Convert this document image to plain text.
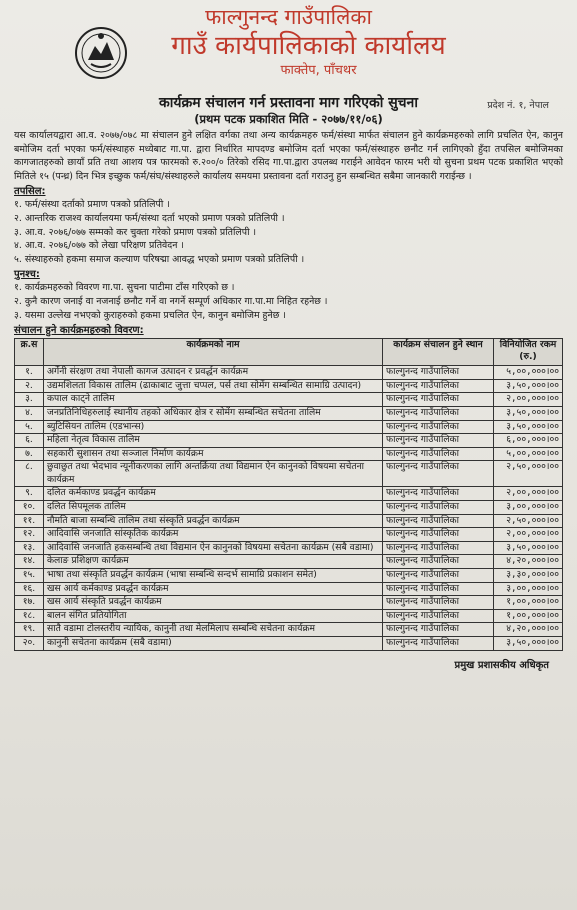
फाल्गुनन्द गाउँपालिका
गाउँ कार्यपालिकाको कार्यालय
फाक्तेप, पाँचथर
प्रदेश नं. १, नेपाल
कार्यक्रम संचालन गर्न प्रस्तावना माग गरिएको सुचना
(प्रथम पटक प्रकाशित मिति - २०७७/११/०६)
यस कार्यालयद्वारा आ.व. २०७७/०७८ मा संचालन हुने लक्षित वर्गका तथा अन्य कार्यक्रमहरु फर्म/संस्था मार्फत संचालन हुने कार्यक्रमहरुको लागि प्रचलित ऐन, कानुन बमोजिम दर्ता भएका फर्म/संस्थाहरु मध्येबाट गा.पा. द्वारा निर्धारित मापदण्ड बमोजिम दर्ता भएका फर्म/संस्थाहरु छनौट गर्न लागिएको हुँदा तपसिल बमोजिमका कागजातहरुको छायाँ प्रति तथा आशय पत्र फारमको रु.२००/० तिरेको रसिद गा.पा.द्वारा उपलब्ध गराईने आवेदन फारम भरी यो सुचना प्रथम पटक प्रकाशित भएको मितिले १५ (पन्ध्र) दिन भित्र इच्छुक फर्म/संघ/संस्थाहरुले कार्यालय समयमा प्रस्तावना दर्ता गराउनु हुन सम्बन्धित सबैमा जानकारी गराईन्छ ।
तपसिल:
१. फर्म/संस्था दर्ताको प्रमाण पत्रको प्रतिलिपी ।
२. आन्तरिक राजश्व कार्यालयमा फर्म/संस्था दर्ता भएको प्रमाण पत्रको प्रतिलिपी ।
३. आ.व. २०७६/०७७ सम्मको कर चुक्ता गरेको प्रमाण पत्रको प्रतिलिपी ।
४. आ.व. २०७६/०७७ को लेखा परिक्षण प्रतिवेदन ।
५. संस्थाहरुको हकमा समाज कल्याण परिषद्मा आवद्ध भएको प्रमाण पत्रको प्रतिलिपी ।
पुनश्च:
१. कार्यक्रमहरुको विवरण गा.पा. सुचना पाटीमा टाँस गरिएको छ ।
२. कुनै कारण जनाई वा नजनाई छनौट गर्ने वा नगर्ने सम्पूर्ण अधिकार गा.पा.मा निहित रहनेछ ।
३. यसमा उल्लेख नभएको कुराहरुको हकमा प्रचलित ऐन, कानुन बमोजिम हुनेछ ।
संचालन हुने कार्यक्रमहरुको विवरण:
क्र.स	कार्यक्रमको नाम	कार्यक्रम संचालन हुने स्थान	विनियोजित रकम (रु.)
१.	अर्गेनी संरक्षण तथा नेपाली कागज उत्पादन र प्रवर्द्धन कार्यक्रम	फाल्गुनन्द गाउँपालिका	५,००,०००।००
२.	उद्यमशिलता विकास तालिम (ढाकाबाट जुत्ता चप्पल, पर्स तथा सोमेंग सम्बन्धित सामाग्रि उत्पादन)	फाल्गुनन्द गाउँपालिका	३,५०,०००।००
३.	कपाल काट्ने तालिम	फाल्गुनन्द गाउँपालिका	२,००,०००।००
४.	जनप्रतिनिधिहरुलाई स्थानीय तहको अधिकार क्षेत्र र सोमेंग सम्बन्धित सचेतना तालिम	फाल्गुनन्द गाउँपालिका	३,५०,०००।००
५.	ब्युटिसियन तालिम (एडभान्स)	फाल्गुनन्द गाउँपालिका	३,५०,०००।००
६.	महिला नेतृत्व विकास तालिम	फाल्गुनन्द गाउँपालिका	६,००,०००।००
७.	सहकारी सुशासन तथा सञ्जाल निर्माण कार्यक्रम	फाल्गुनन्द गाउँपालिका	५,००,०००।००
८.	छुवाछुत तथा भेदभाव न्यूनीकरणका लागि अन्तर्क्रिया तथा विद्यमान ऐन कानुनको विषयमा सचेतना कार्यक्रम	फाल्गुनन्द गाउँपालिका	२,५०,०००।००
९.	दलित कर्मकाण्ड प्रवर्द्धन कार्यक्रम	फाल्गुनन्द गाउँपालिका	२,००,०००।००
१०.	दलित सिपमूलक तालिम	फाल्गुनन्द गाउँपालिका	३,००,०००।००
११.	नौमति बाजा सम्बन्धि तालिम तथा संस्कृति प्रवर्द्धन कार्यक्रम	फाल्गुनन्द गाउँपालिका	२,५०,०००।००
१२.	आदिवासि जनजाति सांस्कृतिक कार्यक्रम	फाल्गुनन्द गाउँपालिका	२,००,०००।००
१३.	आदिवासि जनजाति हकसम्बन्धि तथा विद्यमान ऐन कानुनको विषयमा सचेतना कार्यक्रम (सबै वडामा)	फाल्गुनन्द गाउँपालिका	३,५०,०००।००
१४.	केलाङ प्रशिक्षण कार्यक्रम	फाल्गुनन्द गाउँपालिका	४,२०,०००।००
१५.	भाषा तथा संस्कृति प्रवर्द्धन कार्यक्रम (भाषा सम्बन्धि सन्दर्भ सामाग्रि प्रकाशन समेत)	फाल्गुनन्द गाउँपालिका	३,३०,०००।००
१६.	खस आर्य कर्मकाण्ड प्रवर्द्धन कार्यक्रम	फाल्गुनन्द गाउँपालिका	३,००,०००।००
१७.	खस आर्य संस्कृति प्रवर्द्धन कार्यक्रम	फाल्गुनन्द गाउँपालिका	१,००,०००।००
१८.	बालन संगित प्रतियोगिता	फाल्गुनन्द गाउँपालिका	१,००,०००।००
१९.	सातै वडामा टोलस्तरीय न्यायिक, कानुनी तथा मेलमिलाप सम्बन्धि सचेतना कार्यक्रम	फाल्गुनन्द गाउँपालिका	४,२०,०००।००
२०.	कानुनी सचेतना कार्यक्रम (सबै वडामा)	फाल्गुनन्द गाउँपालिका	३,५०,०००।००
प्रमुख प्रशासकीय अधिकृत
